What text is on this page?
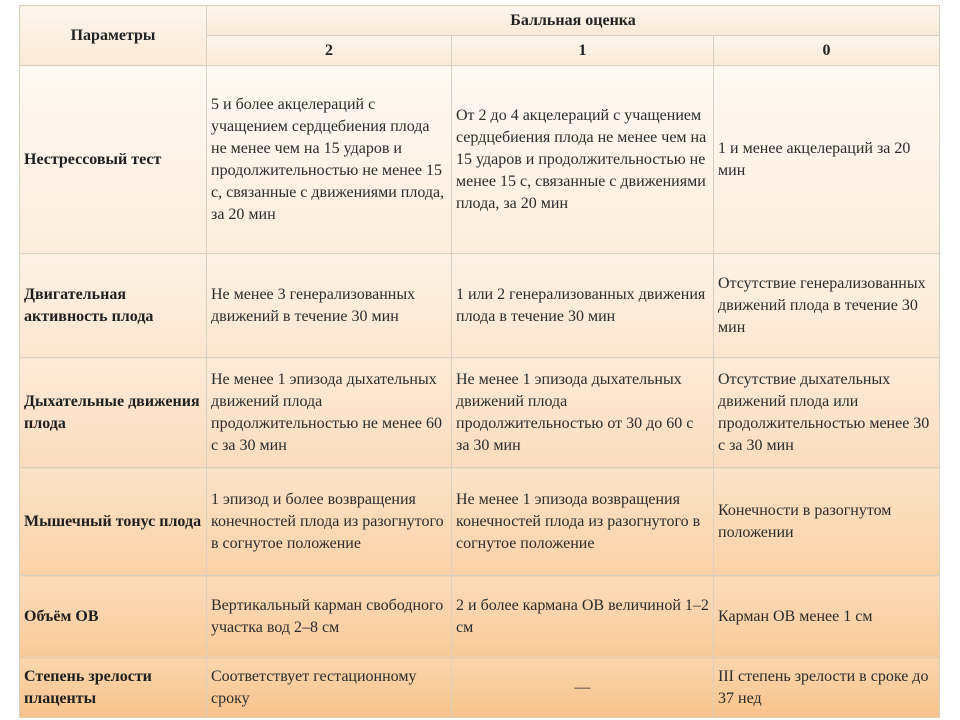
Параметры	Балльная оценка		
	2	1	0
Нестрессовый тест	5 и более акцелераций с учащением сердцебиения плода не менее чем на 15 ударов и продолжительностью не менее 15 с, связанные с движениями плода, за 20 мин	От 2 до 4 акцелераций с учащением сердцебиения плода не менее чем на 15 ударов и продолжительностью не менее 15 с, связанные с движениями плода, за 20 мин	1 и менее акцелераций за 20 мин
Двигательная активность плода	Не менее 3 генерализованных движений в течение 30 мин	1 или 2 генерализованных движения плода в течение 30 мин	Отсутствие генерализованных движений плода в течение 30 мин
Дыхательные движения плода	Не менее 1 эпизода дыхательных движений плода продолжительностью не менее 60 с за 30 мин	Не менее 1 эпизода дыхательных движений плода продолжительностью от 30 до 60 с за 30 мин	Отсутствие дыхательных движений плода или продолжительностью менее 30 с за 30 мин
Мышечный тонус плода	1 эпизод и более возвращения конечностей плода из разогнутого в согнутое положение	Не менее 1 эпизода возвращения конечностей плода из разогнутого в согнутое положение	Конечности в разогнутом положении
Объём ОВ	Вертикальный карман свободного участка вод 2–8 см	2 и более кармана ОВ величиной 1–2 см	Карман ОВ менее 1 см
Степень зрелости плаценты	Соответствует гестационному сроку	—	III степень зрелости в сроке до 37 нед
